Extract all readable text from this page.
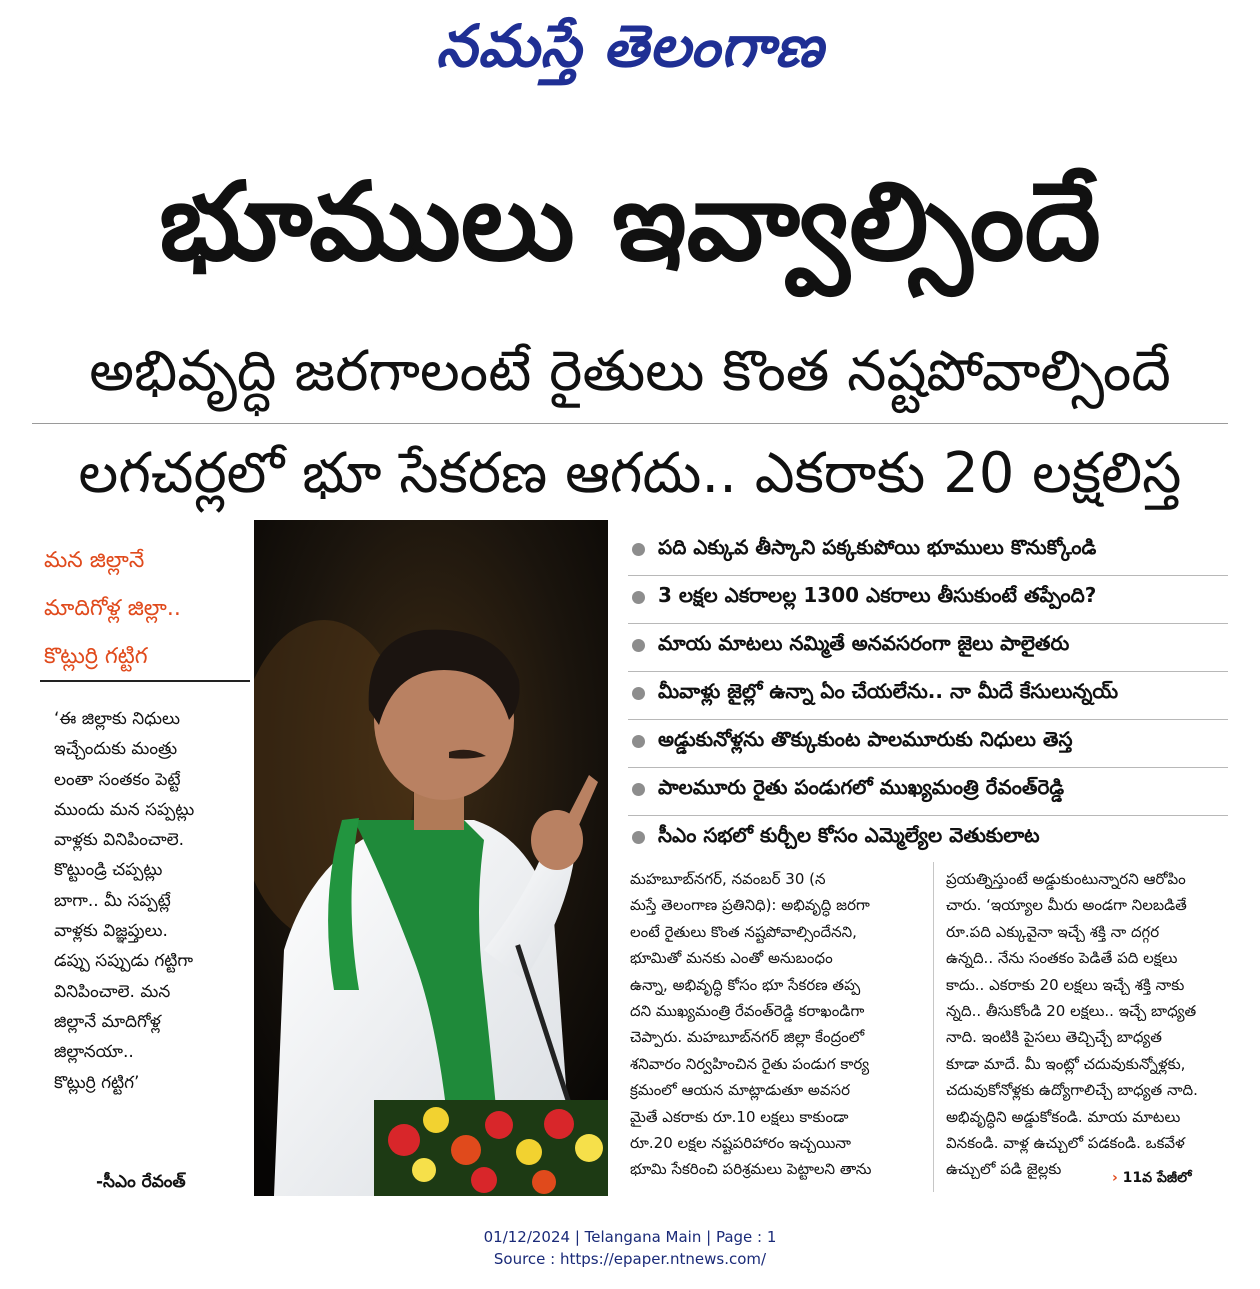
నమస్తే తెలంగాణ
భూములు ఇవ్వాల్సిందే
అభివృద్ధి జరగాలంటే రైతులు కొంత నష్టపోవాల్సిందే
లగచర్లలో భూ సేకరణ ఆగదు.. ఎకరాకు 20 లక్షలిస్త
మన జిల్లానే
మాదిగోళ్ల జిల్లా..
కొట్లుర్రి గట్టిగ
‘ఈ జిల్లాకు నిధులు
ఇచ్చేందుకు మంత్రు
లంతా సంతకం పెట్టే
ముందు మన సప్పట్లు
వాళ్లకు వినిపించాలె.
కొట్టుండ్రి చప్పట్లు
బాగా.. మీ సప్పట్లే
వాళ్లకు విజ్ఞప్తులు.
డప్పు సప్పుడు గట్టిగా
వినిపించాలె. మన
జిల్లానే మాదిగోళ్ల
జిల్లానయా..
కొట్లుర్రి గట్టిగ’
-సీఎం రేవంత్
పది ఎక్కువ తీస్కాని పక్కకుపోయి భూములు కొనుక్కోండి
3 లక్షల ఎకరాలల్ల 1300 ఎకరాలు తీసుకుంటే తప్పేంది?
మాయ మాటలు నమ్మితే అనవసరంగా జైలు పాలైతరు
మీవాళ్లు జైల్లో ఉన్నా ఏం చేయలేను.. నా మీదే కేసులున్నయ్
అడ్డుకునోళ్లను తొక్కుకుంట పాలమూరుకు నిధులు తెస్త
పాలమూరు రైతు పండుగలో ముఖ్యమంత్రి రేవంత్‌రెడ్డి
సీఎం సభలో కుర్చీల కోసం ఎమ్మెల్యేల వెతుకులాట
మహబూబ్‌నగర్, నవంబర్ 30 (న
మస్తే తెలంగాణ ప్రతినిధి): అభివృద్ధి జరగా
లంటే రైతులు కొంత నష్టపోవాల్సిందేనని,
భూమితో మనకు ఎంతో అనుబంధం
ఉన్నా, అభివృద్ధి కోసం భూ సేకరణ తప్ప
దని ముఖ్యమంత్రి రేవంత్‌రెడ్డి కరాఖండిగా
చెప్పారు. మహబూబ్‌నగర్ జిల్లా కేంద్రంలో
శనివారం నిర్వహించిన రైతు పండుగ కార్య
క్రమంలో ఆయన మాట్లాడుతూ అవసర
మైతే ఎకరాకు రూ.10 లక్షలు కాకుండా
రూ.20 లక్షల నష్టపరిహారం ఇచ్చయినా
భూమి సేకరించి పరిశ్రమలు పెట్టాలని తాను
ప్రయత్నిస్తుంటే అడ్డుకుంటున్నారని ఆరోపిం
చారు. ‘ఇయ్యాల మీరు అండగా నిలబడితే
రూ.పది ఎక్కువైనా ఇచ్చే శక్తి నా దగ్గర
ఉన్నది.. నేను సంతకం పెడితే పది లక్షలు
కాదు.. ఎకరాకు 20 లక్షలు ఇచ్చే శక్తి నాకు
న్నది.. తీసుకోండి 20 లక్షలు.. ఇచ్చే బాధ్యత
నాది. ఇంటికి పైసలు తెచ్చిచ్చే బాధ్యత
కూడా మాదే. మీ ఇంట్లో చదువుకున్నోళ్లకు,
చదువుకోనోళ్లకు ఉద్యోగాలిచ్చే బాధ్యత నాది.
అభివృద్ధిని అడ్డుకోకండి. మాయ మాటలు
వినకండి. వాళ్ల ఉచ్చులో పడకండి. ఒకవేళ
ఉచ్చులో పడి జైల్లకు	› 11వ పేజీలో
01/12/2024 | Telangana Main | Page : 1
Source : https://epaper.ntnews.com/
